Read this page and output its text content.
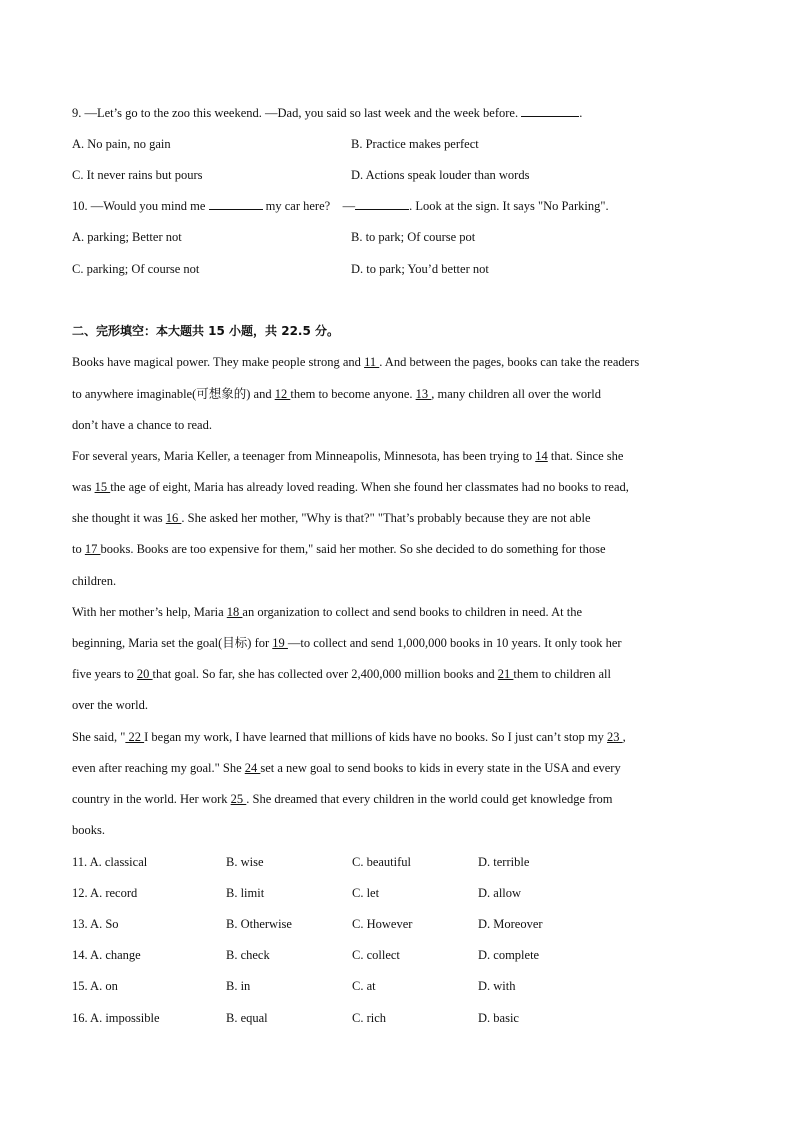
9. —Let’s go to the zoo this weekend. —Dad, you said so last week and the week before.	.
A. No pain, no gain	B. Practice makes perfect
C. It never rains but pours	D. Actions speak louder than words
10. —Would you mind me	my car here?　—	. Look at the sign. It says "No Parking".
A. parking; Better not	B. to park; Of course pot
C. parking; Of course not	D. to park; You’d better not
二、完形填空：本大题共 15 小题，共 22.5 分。
Books have magical power. They make people strong and 11 . And between the pages, books can take the readers
to anywhere imaginable(可想象的) and 12 them to become anyone. 13 , many children all over the world
don’t have a chance to read.
For several years, Maria Keller, a teenager from Minneapolis, Minnesota, has been trying to 14 that. Since she
was 15 the age of eight, Maria has already loved reading. When she found her classmates had no books to read,
she thought it was 16 . She asked her mother, "Why is that?" "That’s probably because they are not able
to 17 books. Books are too expensive for them," said her mother. So she decided to do something for those
children.
With her mother’s help, Maria 18 an organization to collect and send books to children in need. At the
beginning, Maria set the goal(目标) for 19 —to collect and send 1,000,000 books in 10 years. It only took her
five years to 20 that goal. So far, she has collected over 2,400,000 million books and 21 them to children all
over the world.
She said, " 22 I began my work, I have learned that millions of kids have no books. So I just can’t stop my 23 ,
even after reaching my goal." She 24 set a new goal to send books to kids in every state in the USA and every
country in the world. Her work 25 . She dreamed that every children in the world could get knowledge from
books.
11. A. classical	B. wise	C. beautiful	D. terrible
12. A. record	B. limit	C. let	D. allow
13. A. So	B. Otherwise	C. However	D. Moreover
14. A. change	B. check	C. collect	D. complete
15. A. on	B. in	C. at	D. with
16. A. impossible	B. equal	C. rich	D. basic
